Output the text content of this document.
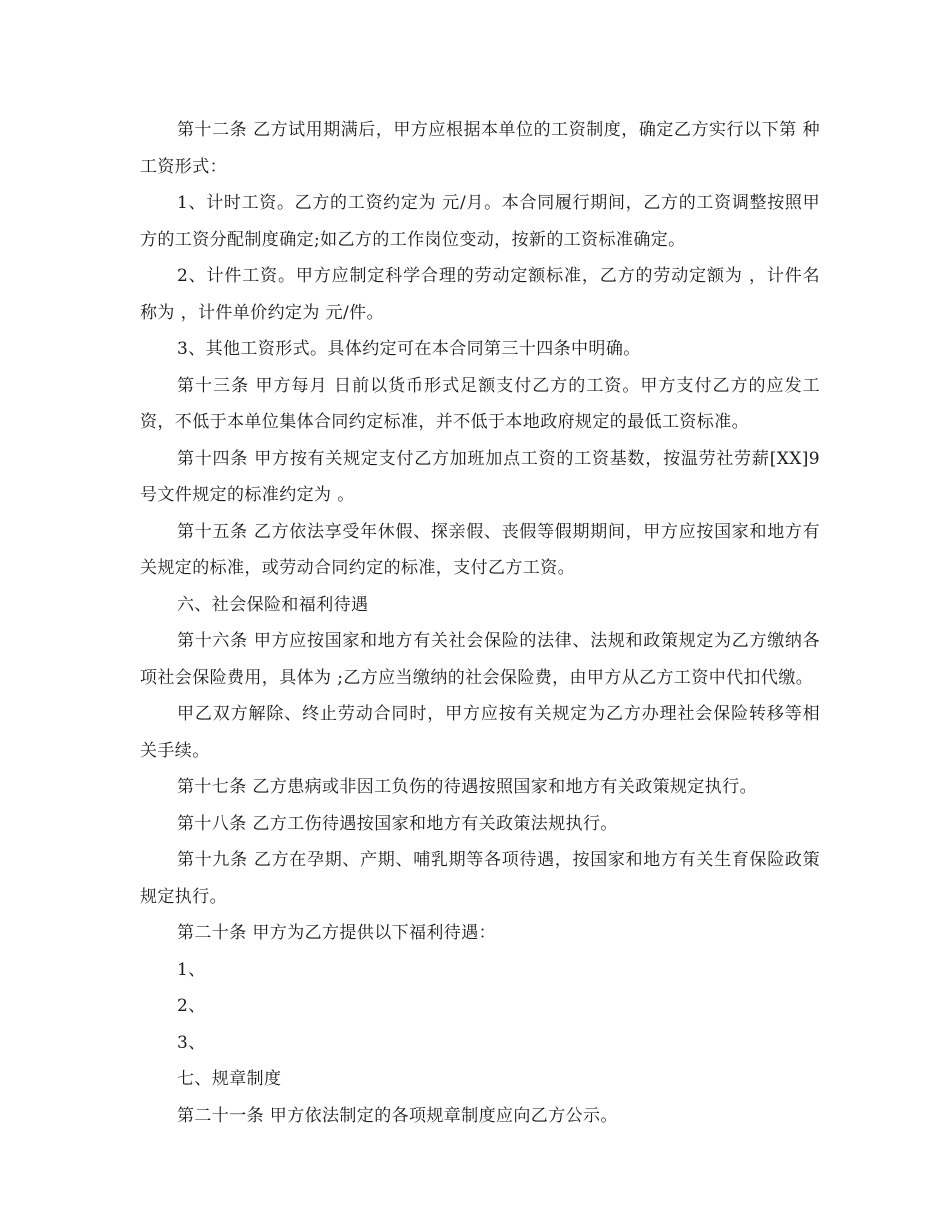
第十二条 乙方试用期满后，甲方应根据本单位的工资制度，确定乙方实行以下第 种工资形式：

1、计时工资。乙方的工资约定为 元/月。本合同履行期间，乙方的工资调整按照甲方的工资分配制度确定;如乙方的工作岗位变动，按新的工资标准确定。

2、计件工资。甲方应制定科学合理的劳动定额标准，乙方的劳动定额为 ，计件名称为 ，计件单价约定为 元/件。

3、其他工资形式。具体约定可在本合同第三十四条中明确。

第十三条 甲方每月 日前以货币形式足额支付乙方的工资。甲方支付乙方的应发工资，不低于本单位集体合同约定标准，并不低于本地政府规定的最低工资标准。

第十四条 甲方按有关规定支付乙方加班加点工资的工资基数，按温劳社劳薪[XX]9号文件规定的标准约定为 。

第十五条 乙方依法享受年休假、探亲假、丧假等假期期间，甲方应按国家和地方有关规定的标准，或劳动合同约定的标准，支付乙方工资。

六、社会保险和福利待遇

第十六条 甲方应按国家和地方有关社会保险的法律、法规和政策规定为乙方缴纳各项社会保险费用，具体为 ;乙方应当缴纳的社会保险费，由甲方从乙方工资中代扣代缴。

甲乙双方解除、终止劳动合同时，甲方应按有关规定为乙方办理社会保险转移等相关手续。

第十七条 乙方患病或非因工负伤的待遇按照国家和地方有关政策规定执行。

第十八条 乙方工伤待遇按国家和地方有关政策法规执行。

第十九条 乙方在孕期、产期、哺乳期等各项待遇，按国家和地方有关生育保险政策规定执行。

第二十条 甲方为乙方提供以下福利待遇：

1、

2、

3、

七、规章制度

第二十一条 甲方依法制定的各项规章制度应向乙方公示。
